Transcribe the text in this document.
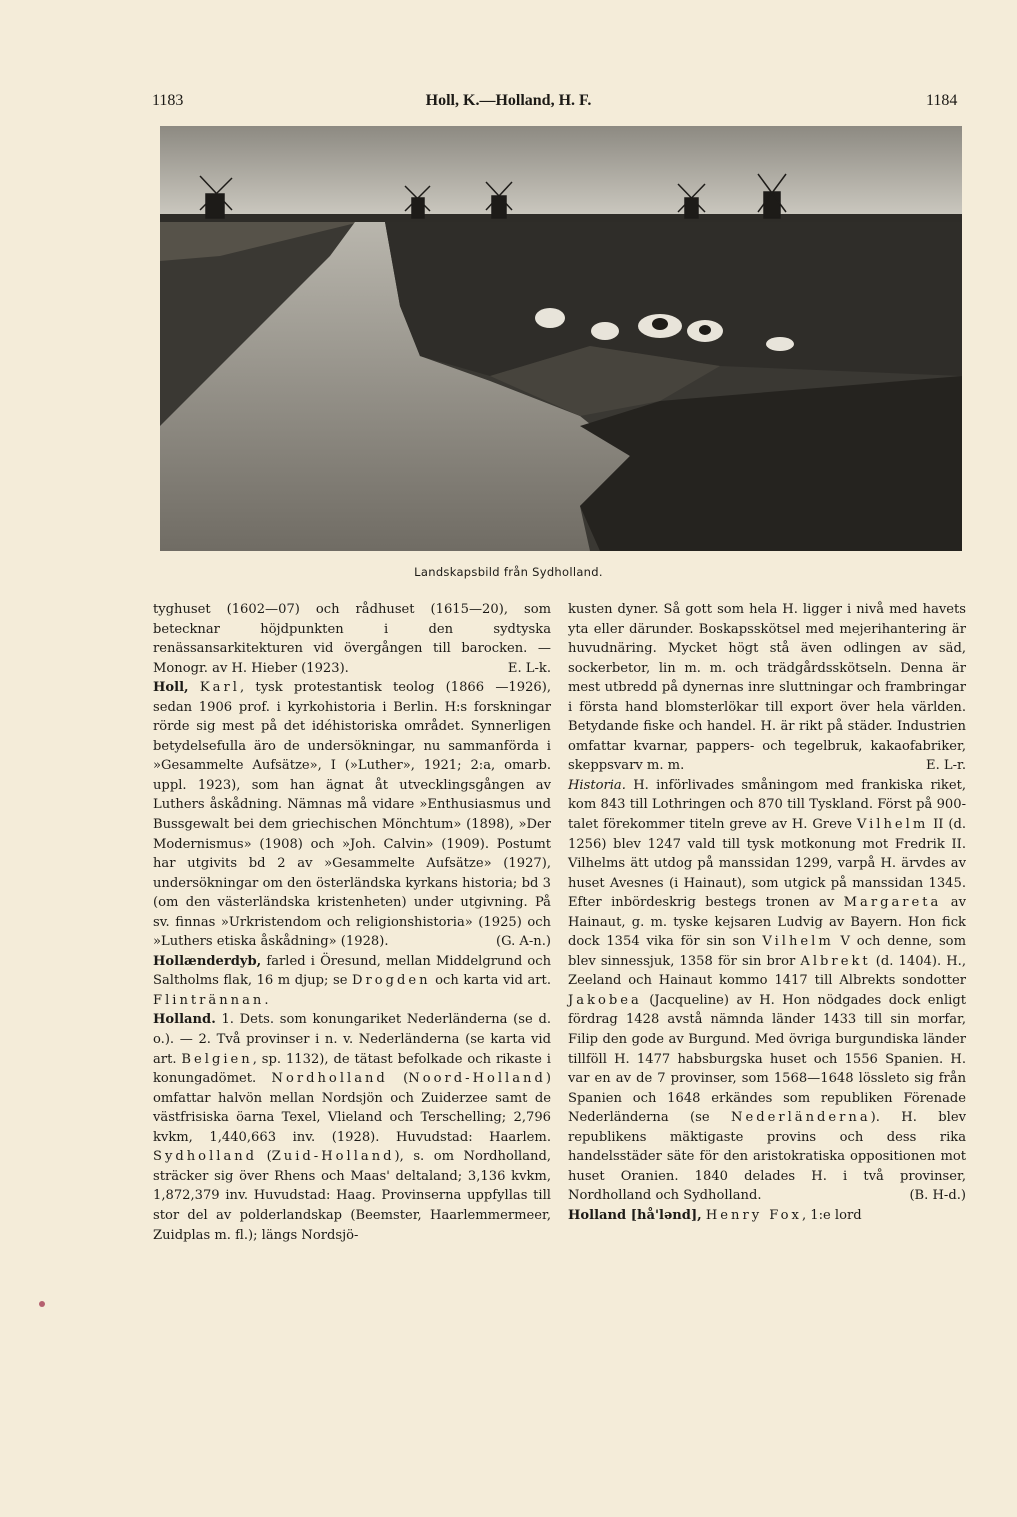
1183	Holl, K.—Holland, H. F.	1184
Landskapsbild från Sydholland.

tyghuset (1602—07) och rådhuset (1615—20), som betecknar höjdpunkten i den sydtyska renässansarkitekturen vid övergången till barocken. — Monogr. av H. Hieber (1923).	E. L-k.

Holl, Karl, tysk protestantisk teolog (1866 —1926), sedan 1906 prof. i kyrkohistoria i Berlin. H:s forskningar rörde sig mest på det idéhistoriska området. Synnerligen betydelsefulla äro de undersökningar, nu sammanförda i »Gesammelte Aufsätze», I (»Luther», 1921; 2:a, omarb. uppl. 1923), som han ägnat åt utvecklingsgången av Luthers åskådning. Nämnas må vidare »Enthusiasmus und Bussgewalt bei dem griechischen Mönchtum» (1898), »Der Modernismus» (1908) och »Joh. Calvin» (1909). Postumt har utgivits bd 2 av »Gesammelte Aufsätze» (1927), undersökningar om den österländska kyrkans historia; bd 3 (om den västerländska kristenheten) under utgivning. På sv. finnas »Urkristendom och religionshistoria» (1925) och »Luthers etiska åskådning» (1928).	(G. A-n.)

Hollænderdyb, farled i Öresund, mellan Middelgrund och Saltholms flak, 16 m djup; se Drogden och karta vid art. Flintrännan.

Holland. 1. Dets. som konungariket Nederländerna (se d. o.). — 2. Två provinser i n. v. Nederländerna (se karta vid art. Belgien, sp. 1132), de tätast befolkade och rikaste i konungadömet. Nordholland (Noord-Holland) omfattar halvön mellan Nordsjön och Zuiderzee samt de västfrisiska öarna Texel, Vlieland och Terschelling; 2,796 kvkm, 1,440,663 inv. (1928). Huvudstad: Haarlem. Sydholland (Zuid-Holland), s. om Nordholland, sträcker sig över Rhens och Maas' deltaland; 3,136 kvkm, 1,872,379 inv. Huvudstad: Haag. Provinserna uppfyllas till stor del av polderlandskap (Beemster, Haarlemmermeer, Zuidplas m. fl.); längs Nordsjö-

kusten dyner. Så gott som hela H. ligger i nivå med havets yta eller därunder. Boskapsskötsel med mejerihantering är huvudnäring. Mycket högt stå även odlingen av säd, sockerbetor, lin m. m. och trädgårdsskötseln. Denna är mest utbredd på dynernas inre sluttningar och frambringar i första hand blomsterlökar till export över hela världen. Betydande fiske och handel. H. är rikt på städer. Industrien omfattar kvarnar, pappers- och tegelbruk, kakaofabriker, skeppsvarv m. m.	E. L-r.

Historia. H. införlivades småningom med frankiska riket, kom 843 till Lothringen och 870 till Tyskland. Först på 900-talet förekommer titeln greve av H. Greve Vilhelm II (d. 1256) blev 1247 vald till tysk motkonung mot Fredrik II. Vilhelms ätt utdog på manssidan 1299, varpå H. ärvdes av huset Avesnes (i Hainaut), som utgick på manssidan 1345. Efter inbördeskrig bestegs tronen av Margareta av Hainaut, g. m. tyske kejsaren Ludvig av Bayern. Hon fick dock 1354 vika för sin son Vilhelm V och denne, som blev sinnessjuk, 1358 för sin bror Albrekt (d. 1404). H., Zeeland och Hainaut kommo 1417 till Albrekts sondotter Jakobea (Jacqueline) av H. Hon nödgades dock enligt fördrag 1428 avstå nämnda länder 1433 till sin morfar, Filip den gode av Burgund. Med övriga burgundiska länder tillföll H. 1477 habsburgska huset och 1556 Spanien. H. var en av de 7 provinser, som 1568—1648 lösslеto sig från Spanien och 1648 erkändes som republiken Förenade Nederländerna (se Nederländerna). H. blev republikens mäktigaste provins och dess rika handelsstäder säte för den aristokratiska oppositionen mot huset Oranien. 1840 delades H. i två provinser, Nordholland och Sydholland.	(B. H-d.)

Holland [hå'lənd], Henry Fox, 1:e lord
